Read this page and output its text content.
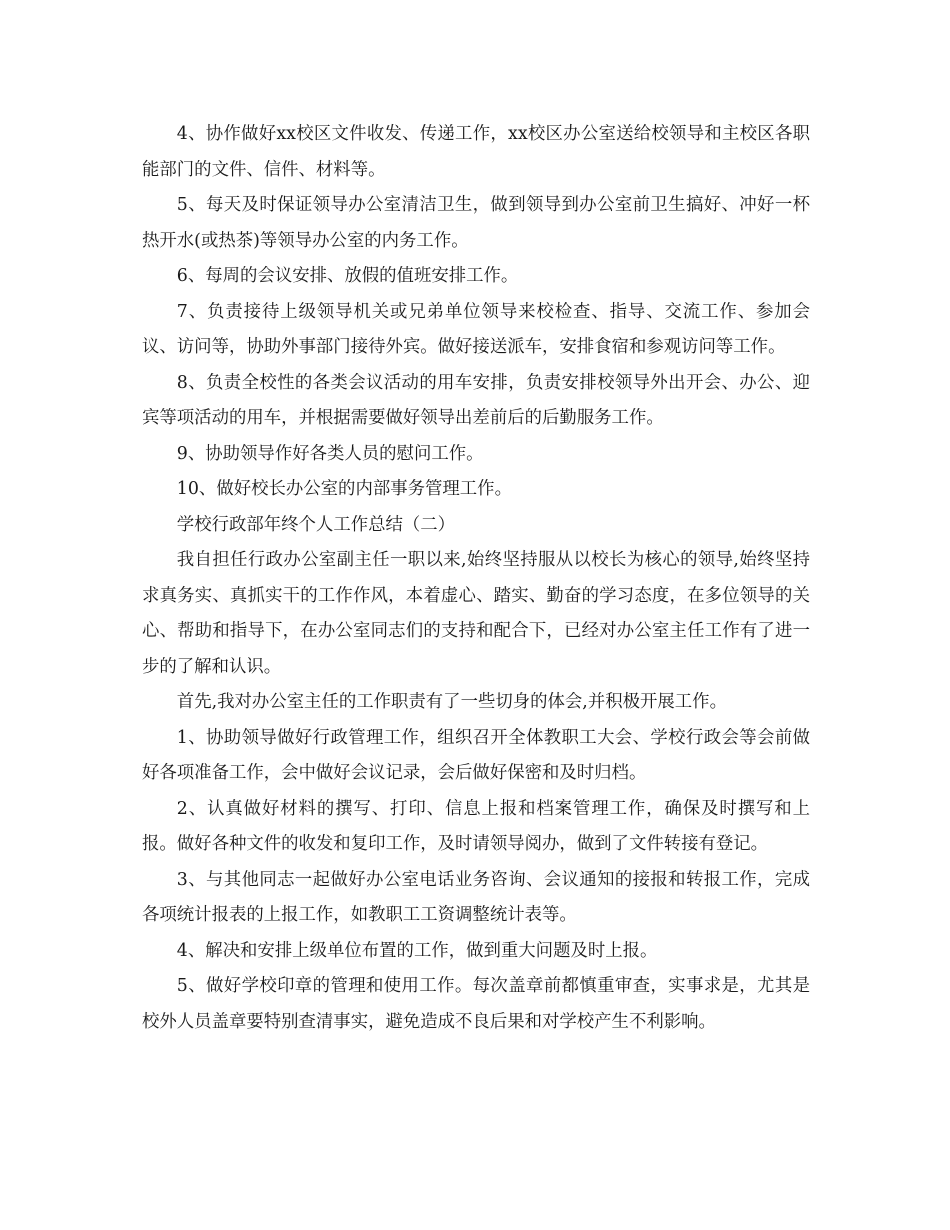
4、协作做好xx校区文件收发、传递工作，xx校区办公室送给校领导和主校区各职能部门的文件、信件、材料等。

5、每天及时保证领导办公室清洁卫生，做到领导到办公室前卫生搞好、冲好一杯热开水(或热茶)等领导办公室的内务工作。

6、每周的会议安排、放假的值班安排工作。

7、负责接待上级领导机关或兄弟单位领导来校检查、指导、交流工作、参加会议、访问等，协助外事部门接待外宾。做好接送派车，安排食宿和参观访问等工作。

8、负责全校性的各类会议活动的用车安排，负责安排校领导外出开会、办公、迎宾等项活动的用车，并根据需要做好领导出差前后的后勤服务工作。

9、协助领导作好各类人员的慰问工作。

10、做好校长办公室的内部事务管理工作。

学校行政部年终个人工作总结（二）

我自担任行政办公室副主任一职以来,始终坚持服从以校长为核心的领导,始终坚持求真务实、真抓实干的工作作风，本着虚心、踏实、勤奋的学习态度，在多位领导的关心、帮助和指导下，在办公室同志们的支持和配合下，已经对办公室主任工作有了进一步的了解和认识。

首先,我对办公室主任的工作职责有了一些切身的体会,并积极开展工作。

1、协助领导做好行政管理工作，组织召开全体教职工大会、学校行政会等会前做好各项准备工作，会中做好会议记录，会后做好保密和及时归档。

2、认真做好材料的撰写、打印、信息上报和档案管理工作，确保及时撰写和上报。做好各种文件的收发和复印工作，及时请领导阅办，做到了文件转接有登记。

3、与其他同志一起做好办公室电话业务咨询、会议通知的接报和转报工作，完成各项统计报表的上报工作，如教职工工资调整统计表等。

4、解决和安排上级单位布置的工作，做到重大问题及时上报。

5、做好学校印章的管理和使用工作。每次盖章前都慎重审查，实事求是，尤其是校外人员盖章要特别查清事实，避免造成不良后果和对学校产生不利影响。
